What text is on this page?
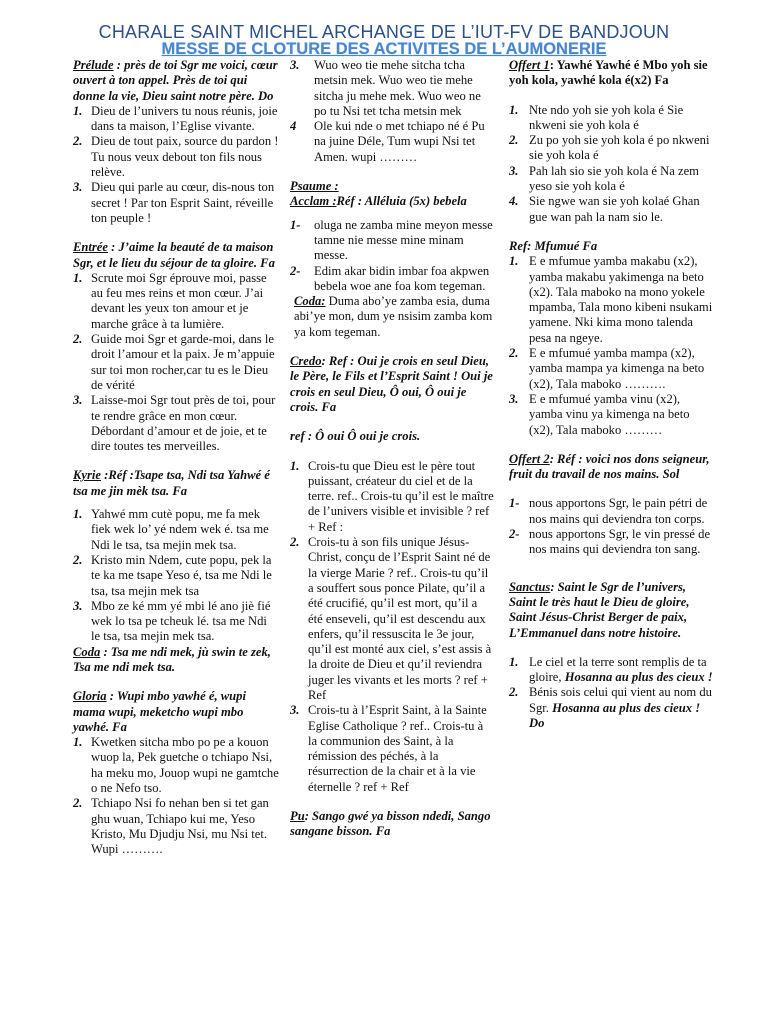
CHARALE SAINT MICHEL ARCHANGE DE L’IUT-FV DE BANDJOUN
MESSE DE CLOTURE DES ACTIVITES DE L’AUMONERIE

Prélude : près de toi Sgr me voici, cœur ouvert à ton appel. Près de toi qui donne la vie, Dieu saint notre père. Do

1. Dieu de l’univers tu nous réunis, joie dans ta maison, l’Eglise vivante.
2. Dieu de tout paix, source du pardon ! Tu nous veux debout ton fils nous relève.
3. Dieu qui parle au cœur, dis-nous ton secret ! Par ton Esprit Saint, réveille ton peuple !

Entrée : J’aime la beauté de ta maison Sgr, et le lieu du séjour de ta gloire. Fa

1. Scrute moi Sgr éprouve moi, passe au feu mes reins et mon cœur. J’ai devant les yeux ton amour et je marche grâce à ta lumière.
2. Guide moi Sgr et garde-moi, dans le droit l’amour et la paix. Je m’appuie sur toi mon rocher,car tu es le Dieu de vérité
3. Laisse-moi Sgr tout près de toi, pour te rendre grâce en mon cœur. Débordant d’amour et de joie, et te dire toutes tes merveilles.

Kyrie :Réf :Tsape tsa, Ndi tsa Yahwé é tsa me jin mèk tsa. Fa

1. Yahwé mm cutè popu, me fa mek fiek wek lo’ yé ndem wek é. tsa me Ndi le tsa, tsa mejin mek tsa.
2. Kristo min Ndem, cute popu, pek la te ka me tsape Yeso é, tsa me Ndi le tsa, tsa mejin mek tsa
3. Mbo ze ké mm yé mbi lé ano jiè fié wek lo tsa pe tcheuk lé. tsa me Ndi le tsa, tsa mejin mek tsa.

Coda : Tsa me ndi mek, jù swin te zek, Tsa me ndi mek tsa.

Gloria : Wupi mbo yawhé é, wupi mama wupi, meketcho wupi mbo yawhé. Fa

1. Kwetken sitcha mbo po pe a kouon wuop la, Pek guetche o tchiapo Nsi, ha meku mo, Jouop wupi ne gamtche o ne Nefo tso.
2. Tchiapo Nsi fo nehan ben si tet gan ghu wuan, Tchiapo kui me, Yeso Kristo, Mu Djudju Nsi, mu Nsi tet. Wupi ……….
3. Wuo weo tie mehe sitcha tcha metsin mek. Wuo weo tie mehe sitcha ju mehe mek. Wuo weo ne po tu Nsi tet tcha metsin mek
4 Ole kui nde o met tchiapo né é Pu na juine Déle, Tum wupi Nsi tet Amen. wupi ………

Psaume :

Acclam :Réf : Alléluia (5x) bebela

1- oluga ne zamba mine meyon messe tamne nie messe mine minam messe.
2- Edim akar bidin imbar foa akpwen bebela woe ane foa kom tegeman.

Coda: Duma abo’ye zamba esia, duma abi’ye mon, dum ye nsisim zamba kom ya kom tegeman.

Credo: Ref : Oui je crois en seul Dieu, le Père, le Fils et l’Esprit Saint ! Oui je crois en seul Dieu, Ô oui, Ô oui je crois. Fa

ref : Ô oui Ô oui je crois.

1. Crois-tu que Dieu est le père tout puissant, créateur du ciel et de la terre. ref.. Crois-tu qu’il est le maître de l’univers visible et invisible ? ref + Ref :
2. Crois-tu à son fils unique Jésus-Christ, conçu de l’Esprit Saint né de la vierge Marie ? ref.. Crois-tu qu’il a souffert sous ponce Pilate, qu’il a été crucifié, qu’il est mort, qu’il a été enseveli, qu’il est descendu aux enfers, qu’il ressuscita le 3e jour, qu’il est monté aux ciel, s’est assis à la droite de Dieu et qu’il reviendra juger les vivants et les morts ? ref + Ref
3. Crois-tu à l’Esprit Saint, à la Sainte Eglise Catholique ? ref.. Crois-tu à la communion des Saint, à la rémission des péchés, à la résurrection de la chair et à la vie éternelle ? ref + Ref

Pu: Sango gwé ya bisson ndedi, Sango sangane bisson. Fa

Offert 1: Yawhé Yawhé é Mbo yoh sie yoh kola, yawhé kola é(x2) Fa

1. Nte ndo yoh sie yoh kola é Sie nkweni sie yoh kola é
2. Zu po yoh sie yoh kola é po nkweni sie yoh kola é
3. Pah lah sio sie yoh kola é Na zem yeso sie yoh kola é
4. Sie ngwe wan sie yoh kolaé Ghan gue wan pah la nam sio le.

Ref: Mfumué Fa

1. E e mfumue yamba makabu (x2), yamba makabu yakimenga na beto (x2). Tala maboko na mono yokele mpamba, Tala mono kibeni nsukami yamene. Nki kima mono talenda pesa na ngeye.
2. E e mfumué yamba mampa (x2), yamba mampa ya kimenga na beto (x2), Tala maboko ……….
3. E e mfumué yamba vinu (x2), yamba vinu ya kimenga na beto (x2), Tala maboko ………

Offert 2: Réf : voici nos dons seigneur, fruit du travail de nos mains. Sol

1- nous apportons Sgr, le pain pétri de nos mains qui deviendra ton corps.
2- nous apportons Sgr, le vin pressé de nos mains qui deviendra ton sang.

Sanctus: Saint le Sgr de l’univers, Saint le très haut le Dieu de gloire, Saint Jésus-Christ Berger de paix, L’Emmanuel dans notre histoire.

1. Le ciel et la terre sont remplis de ta gloire, Hosanna au plus des cieux !
2. Bénis sois celui qui vient au nom du Sgr. Hosanna au plus des cieux ! Do
